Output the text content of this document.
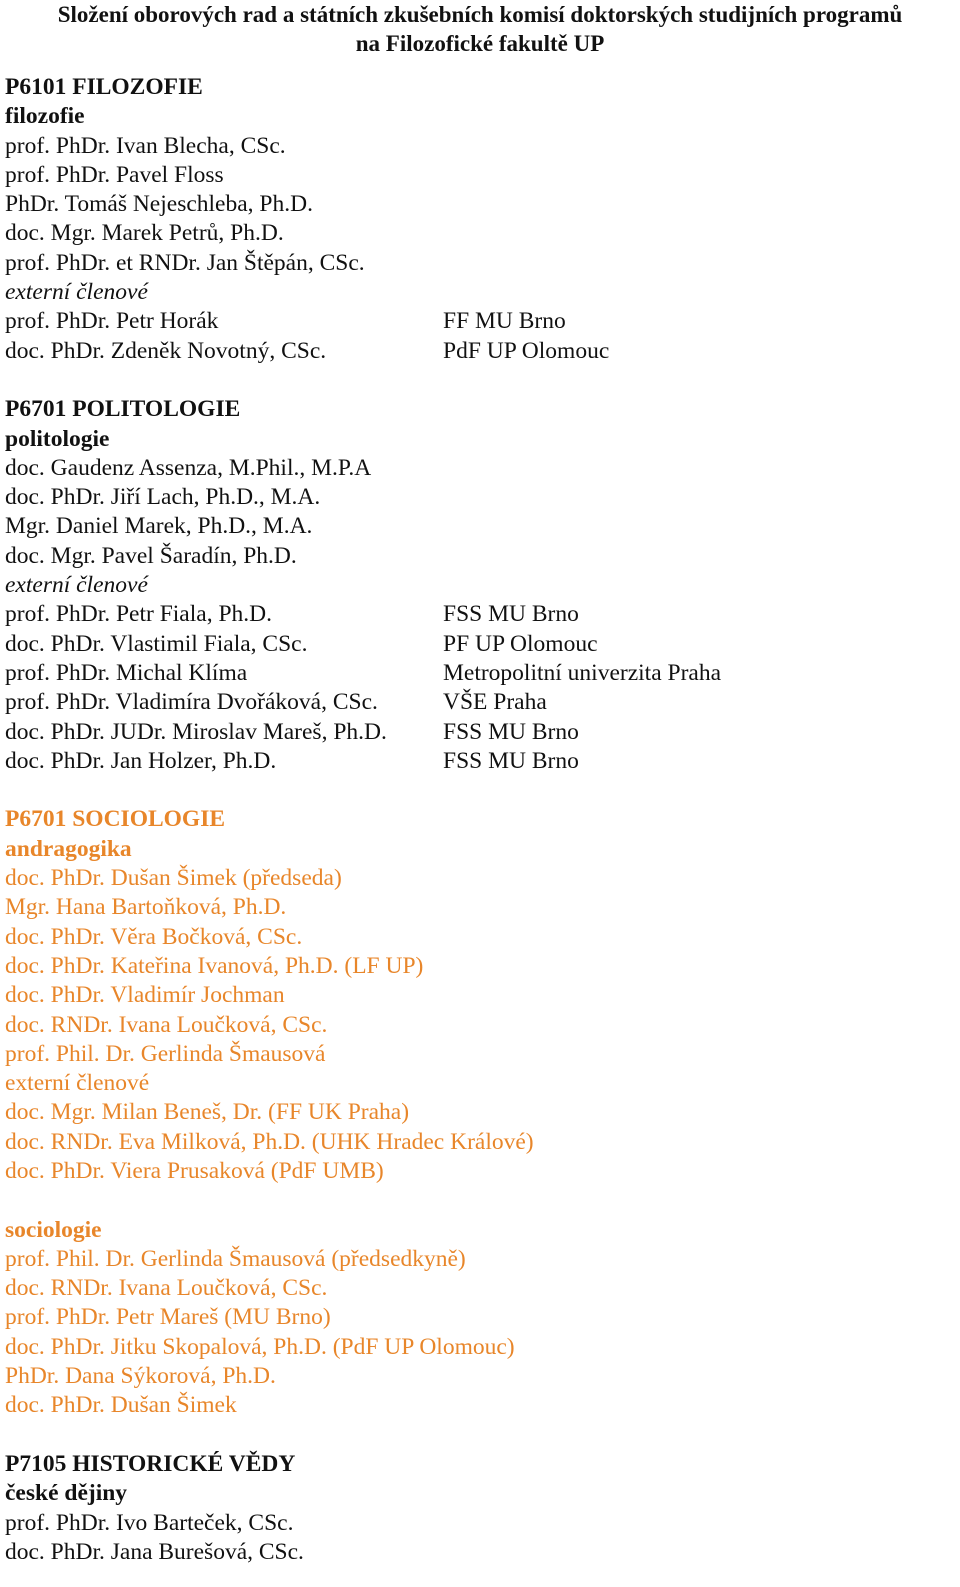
Složení oborových rad a státních zkušebních komisí doktorských studijních programů
na Filozofické fakultě UP
P6101 FILOZOFIE
filozofie
prof. PhDr. Ivan Blecha, CSc.
prof. PhDr. Pavel Floss
PhDr. Tomáš Nejeschleba, Ph.D.
doc. Mgr. Marek Petrů, Ph.D.
prof. PhDr. et RNDr. Jan Štěpán, CSc.
externí členové
prof. PhDr. Petr Horák	FF MU Brno
doc. PhDr. Zdeněk Novotný, CSc.	PdF UP Olomouc
P6701 POLITOLOGIE
politologie
doc. Gaudenz Assenza, M.Phil., M.P.A
doc. PhDr. Jiří Lach, Ph.D., M.A.
Mgr. Daniel Marek, Ph.D., M.A.
doc. Mgr. Pavel Šaradín, Ph.D.
externí členové
prof. PhDr. Petr Fiala, Ph.D.	FSS MU Brno
doc. PhDr. Vlastimil Fiala, CSc.	PF UP Olomouc
prof. PhDr. Michal Klíma	Metropolitní univerzita Praha
prof. PhDr. Vladimíra Dvořáková, CSc.	VŠE Praha
doc. PhDr. JUDr. Miroslav Mareš, Ph.D. FSS MU Brno
doc. PhDr. Jan Holzer, Ph.D.	FSS MU Brno
P6701 SOCIOLOGIE
andragogika
doc. PhDr. Dušan Šimek (předseda)
Mgr. Hana Bartoňková, Ph.D.
doc. PhDr. Věra Bočková, CSc.
doc. PhDr. Kateřina Ivanová, Ph.D. (LF UP)
doc. PhDr. Vladimír Jochman
doc. RNDr. Ivana Loučková, CSc.
prof. Phil. Dr. Gerlinda Šmausová
externí členové
doc. Mgr. Milan Beneš, Dr. (FF UK Praha)
doc. RNDr. Eva Milková, Ph.D. (UHK Hradec Králové)
doc. PhDr. Viera Prusaková (PdF UMB)
sociologie
prof. Phil. Dr. Gerlinda Šmausová (předsedkyně)
doc. RNDr. Ivana Loučková, CSc.
prof. PhDr. Petr Mareš (MU Brno)
doc. PhDr. Jitku Skopalová, Ph.D. (PdF UP Olomouc)
PhDr. Dana Sýkorová, Ph.D.
doc. PhDr. Dušan Šimek
P7105 HISTORICKÉ VĚDY
české dějiny
prof. PhDr. Ivo Barteček, CSc.
doc. PhDr. Jana Burešová, CSc.
